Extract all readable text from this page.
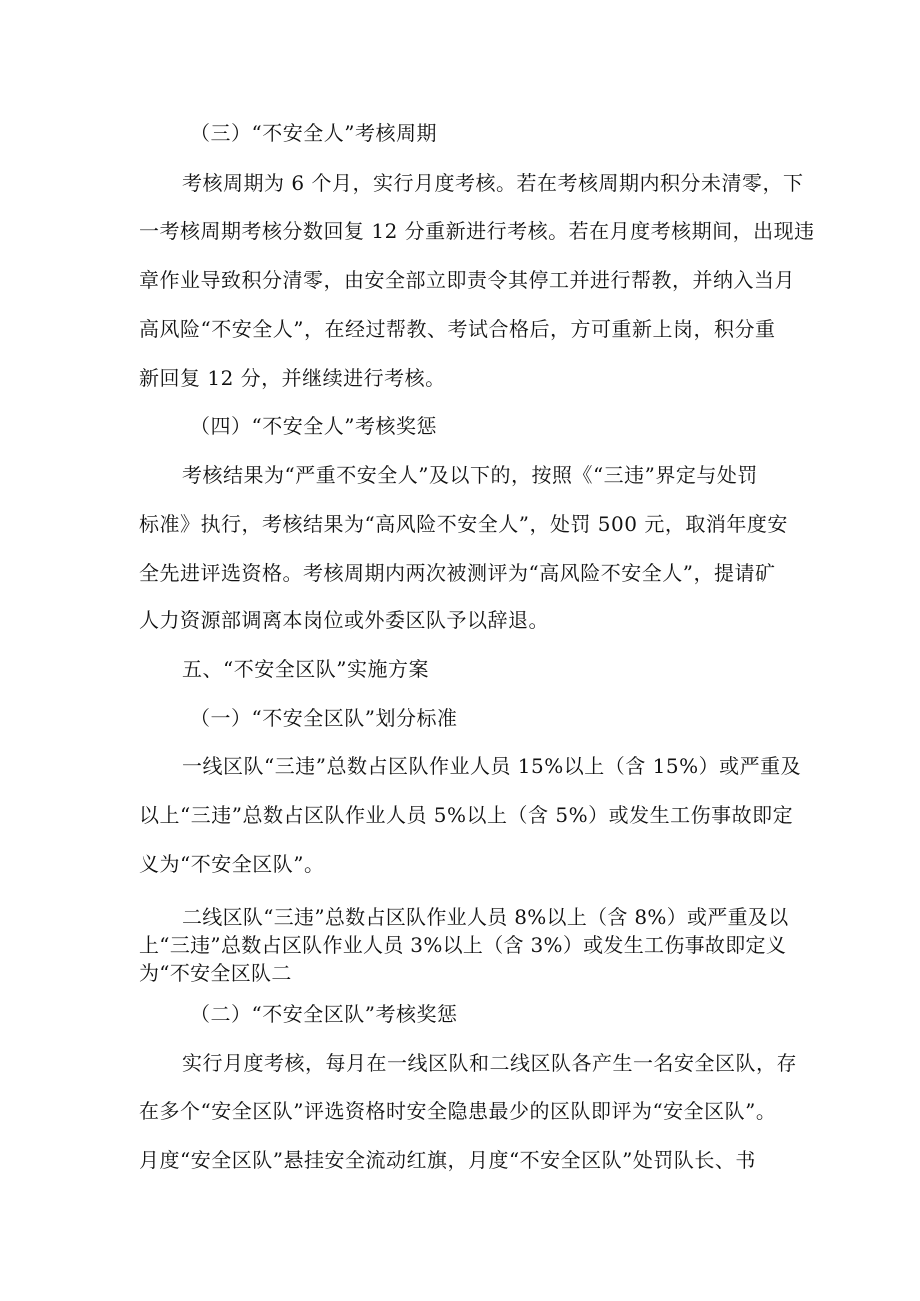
（三）“不安全人”考核周期
考核周期为 6 个月，实行月度考核。若在考核周期内积分未清零，下
一考核周期考核分数回复 12 分重新进行考核。若在月度考核期间，出现违
章作业导致积分清零，由安全部立即责令其停工并进行帮教，并纳入当月
高风险“不安全人”，在经过帮教、考试合格后，方可重新上岗，积分重
新回复 12 分，并继续进行考核。
（四）“不安全人”考核奖惩
考核结果为“严重不安全人”及以下的，按照《“三违”界定与处罚
标准》执行，考核结果为“高风险不安全人”，处罚 500 元，取消年度安
全先进评选资格。考核周期内两次被测评为“高风险不安全人”，提请矿
人力资源部调离本岗位或外委区队予以辞退。
五、“不安全区队”实施方案
（一）“不安全区队”划分标准
一线区队“三违”总数占区队作业人员 15%以上（含 15%）或严重及
以上“三违”总数占区队作业人员 5%以上（含 5%）或发生工伤事故即定
义为“不安全区队”。
二线区队“三违”总数占区队作业人员 8%以上（含 8%）或严重及以
上“三违”总数占区队作业人员 3%以上（含 3%）或发生工伤事故即定义
为“不安全区队二
（二）“不安全区队”考核奖惩
实行月度考核，每月在一线区队和二线区队各产生一名安全区队，存
在多个“安全区队”评选资格时安全隐患最少的区队即评为“安全区队”。
月度“安全区队”悬挂安全流动红旗，月度“不安全区队”处罚队长、书
